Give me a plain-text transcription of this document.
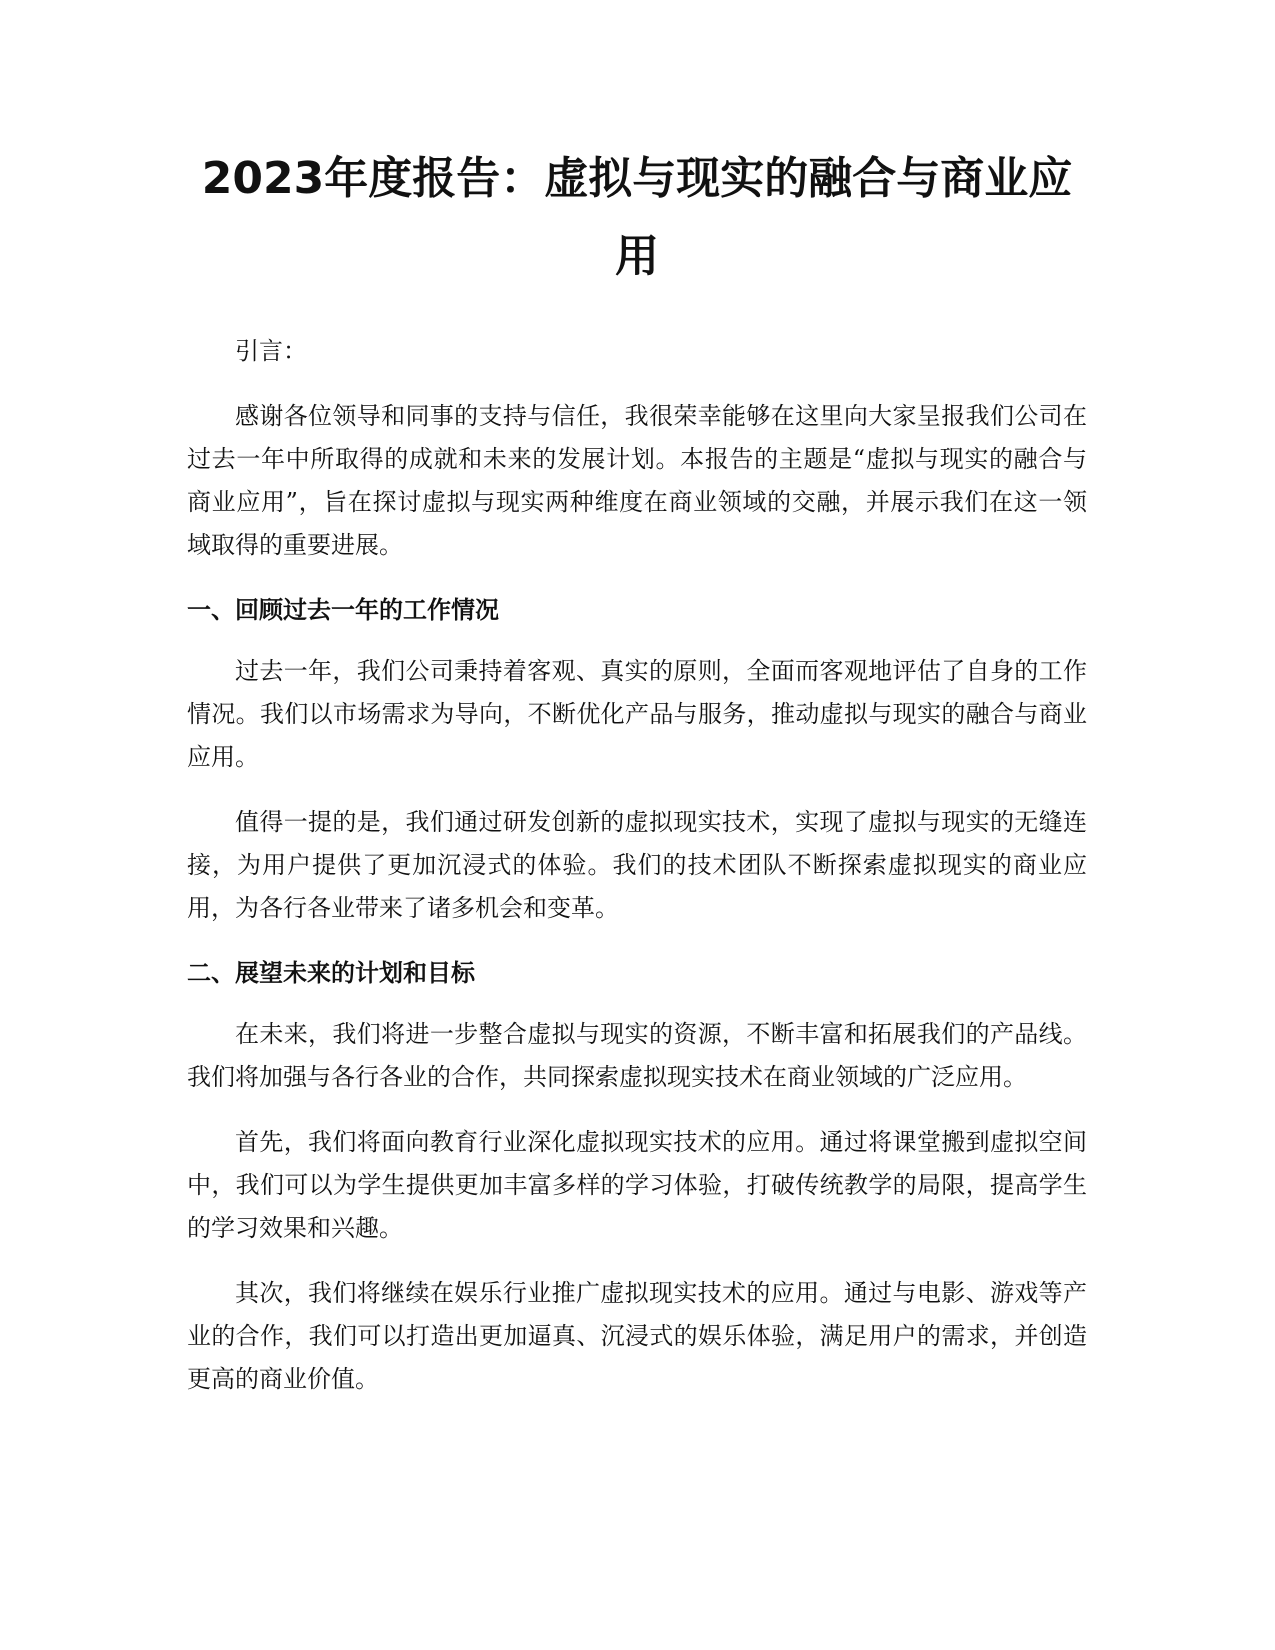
2023年度报告：虚拟与现实的融合与商业应用

引言：

感谢各位领导和同事的支持与信任，我很荣幸能够在这里向大家呈报我们公司在过去一年中所取得的成就和未来的发展计划。本报告的主题是“虚拟与现实的融合与商业应用”，旨在探讨虚拟与现实两种维度在商业领域的交融，并展示我们在这一领域取得的重要进展。

一、回顾过去一年的工作情况

过去一年，我们公司秉持着客观、真实的原则，全面而客观地评估了自身的工作情况。我们以市场需求为导向，不断优化产品与服务，推动虚拟与现实的融合与商业应用。

值得一提的是，我们通过研发创新的虚拟现实技术，实现了虚拟与现实的无缝连接，为用户提供了更加沉浸式的体验。我们的技术团队不断探索虚拟现实的商业应用，为各行各业带来了诸多机会和变革。

二、展望未来的计划和目标

在未来，我们将进一步整合虚拟与现实的资源，不断丰富和拓展我们的产品线。我们将加强与各行各业的合作，共同探索虚拟现实技术在商业领域的广泛应用。

首先，我们将面向教育行业深化虚拟现实技术的应用。通过将课堂搬到虚拟空间中，我们可以为学生提供更加丰富多样的学习体验，打破传统教学的局限，提高学生的学习效果和兴趣。

其次，我们将继续在娱乐行业推广虚拟现实技术的应用。通过与电影、游戏等产业的合作，我们可以打造出更加逼真、沉浸式的娱乐体验，满足用户的需求，并创造更高的商业价值。
